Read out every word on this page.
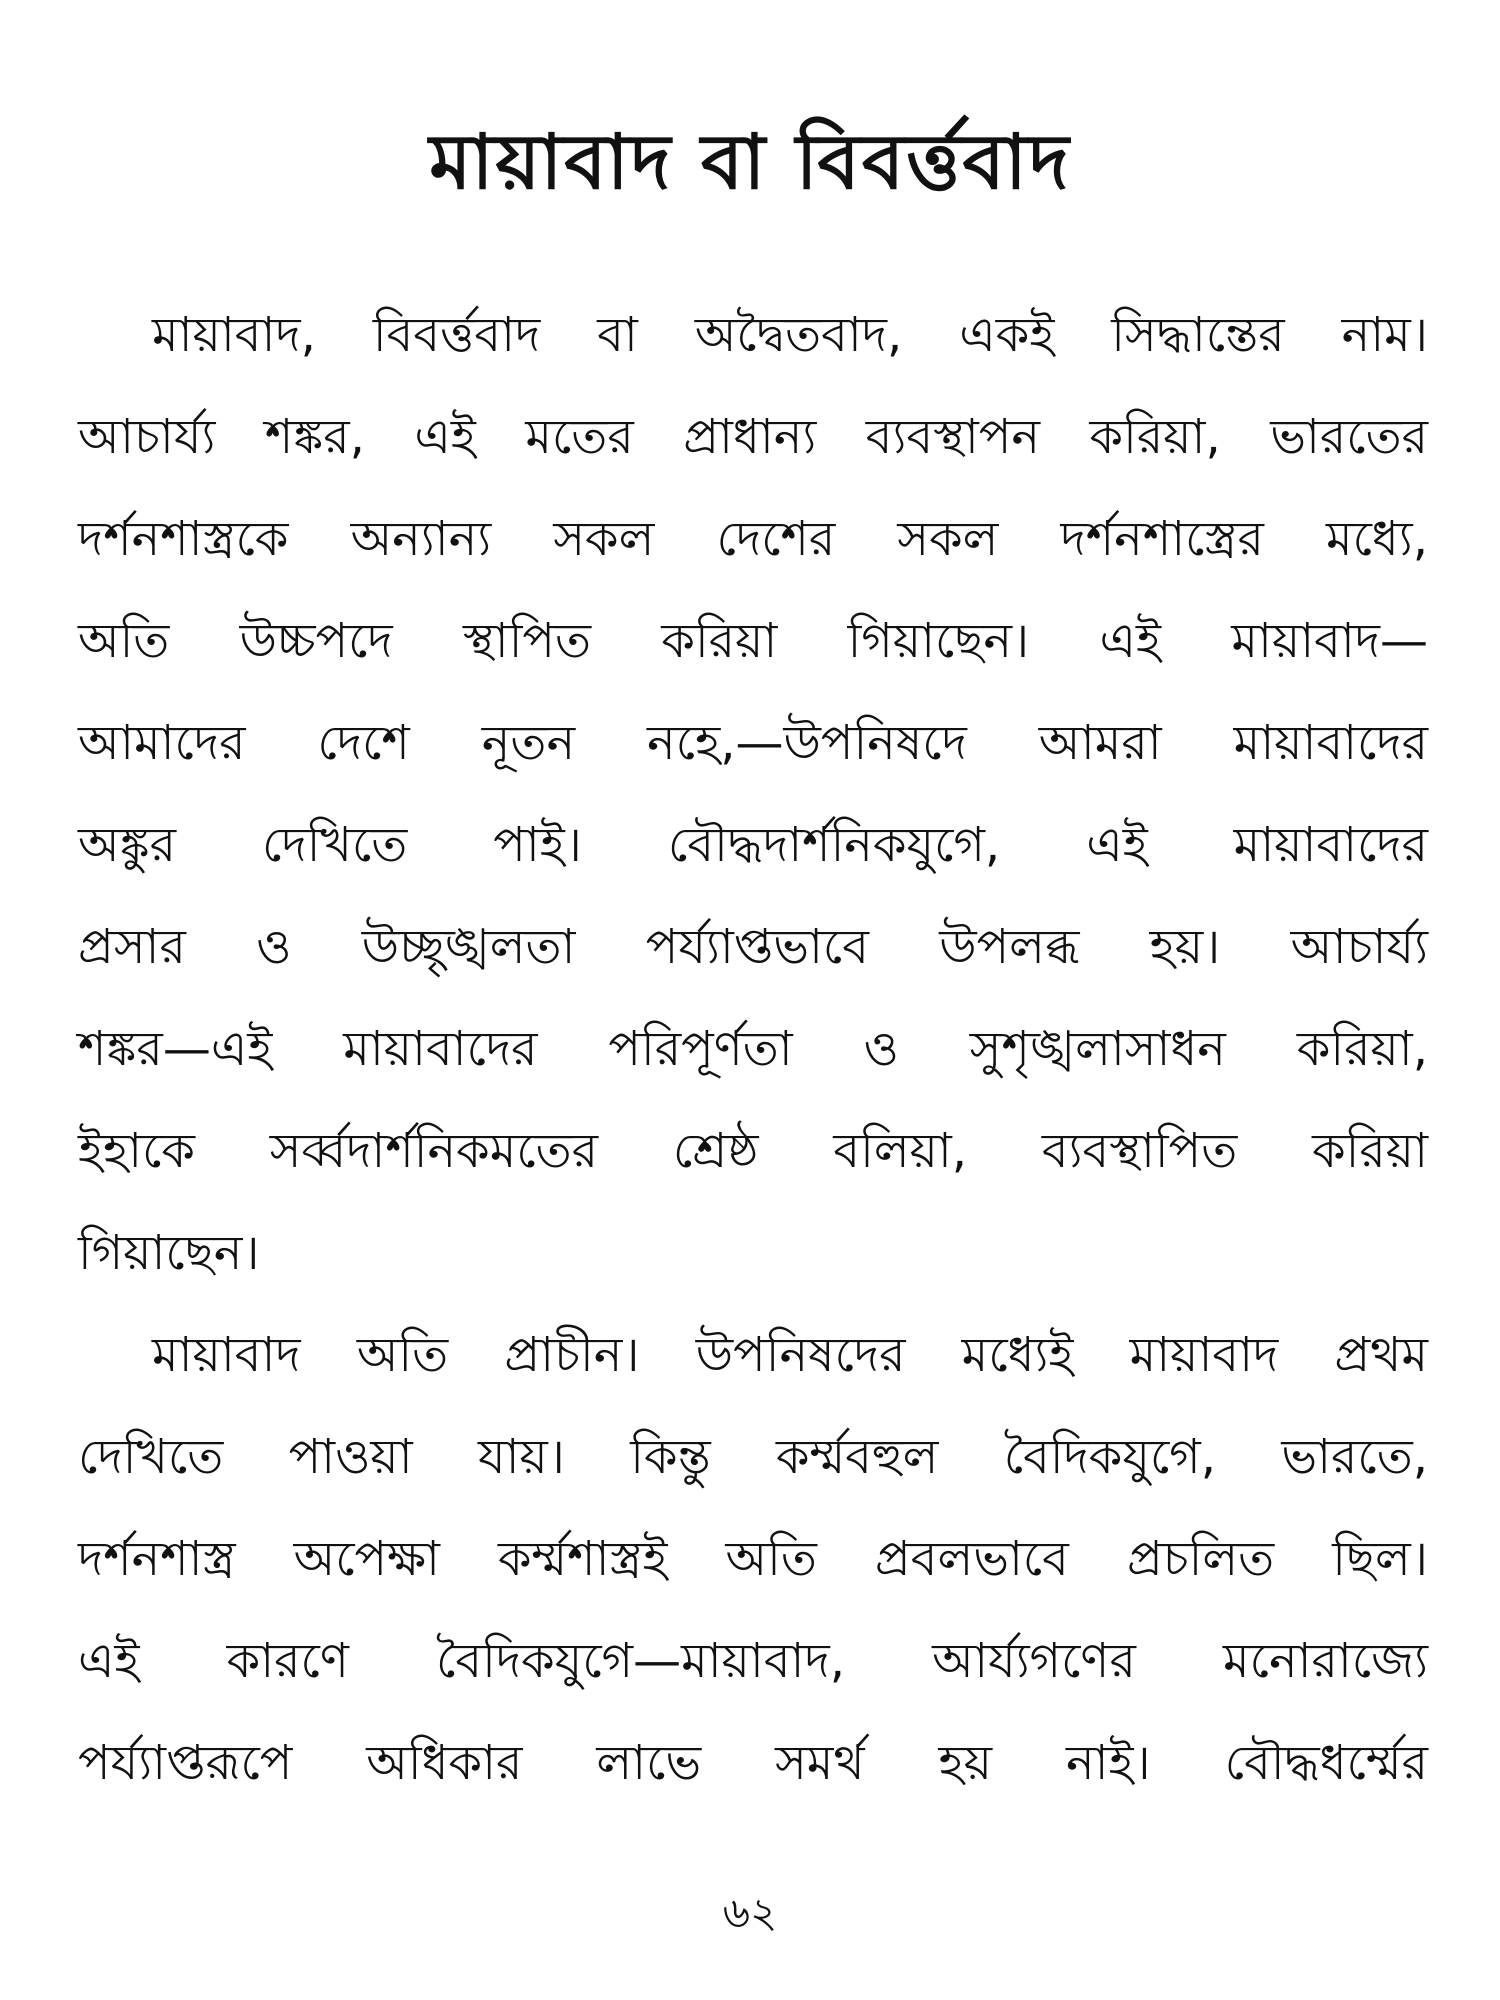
মায়াবাদ বা বিবর্ত্তবাদ
মায়াবাদ, বিবর্ত্তবাদ বা অদ্বৈতবাদ, একই সিদ্ধান্তের নাম।
আচার্য্য শঙ্কর, এই মতের প্রাধান্য ব্যবস্থাপন করিয়া, ভারতের
দর্শনশাস্ত্রকে অন্যান্য সকল দেশের সকল দর্শনশাস্ত্রের মধ্যে,
অতি উচ্চপদে স্থাপিত করিয়া গিয়াছেন। এই মায়াবাদ—
আমাদের দেশে নূতন নহে,—উপনিষদে আমরা মায়াবাদের
অঙ্কুর দেখিতে পাই। বৌদ্ধদার্শনিকযুগে, এই মায়াবাদের
প্রসার ও উচ্ছৃঙ্খলতা পর্য্যাপ্তভাবে উপলব্ধ হয়। আচার্য্য
শঙ্কর—এই মায়াবাদের পরিপূর্ণতা ও সুশৃঙ্খলাসাধন করিয়া,
ইহাকে সর্ব্বদার্শনিকমতের শ্রেষ্ঠ বলিয়া, ব্যবস্থাপিত করিয়া
গিয়াছেন।
মায়াবাদ অতি প্রাচীন। উপনিষদের মধ্যেই মায়াবাদ প্রথম
দেখিতে পাওয়া যায়। কিন্তু কর্ম্মবহুল বৈদিকযুগে, ভারতে,
দর্শনশাস্ত্র অপেক্ষা কর্ম্মশাস্ত্রই অতি প্রবলভাবে প্রচলিত ছিল।
এই কারণে বৈদিকযুগে—মায়াবাদ, আর্য্যগণের মনোরাজ্যে
পর্য্যাপ্তরূপে অধিকার লাভে সমর্থ হয় নাই। বৌদ্ধধর্ম্মের
৬২
